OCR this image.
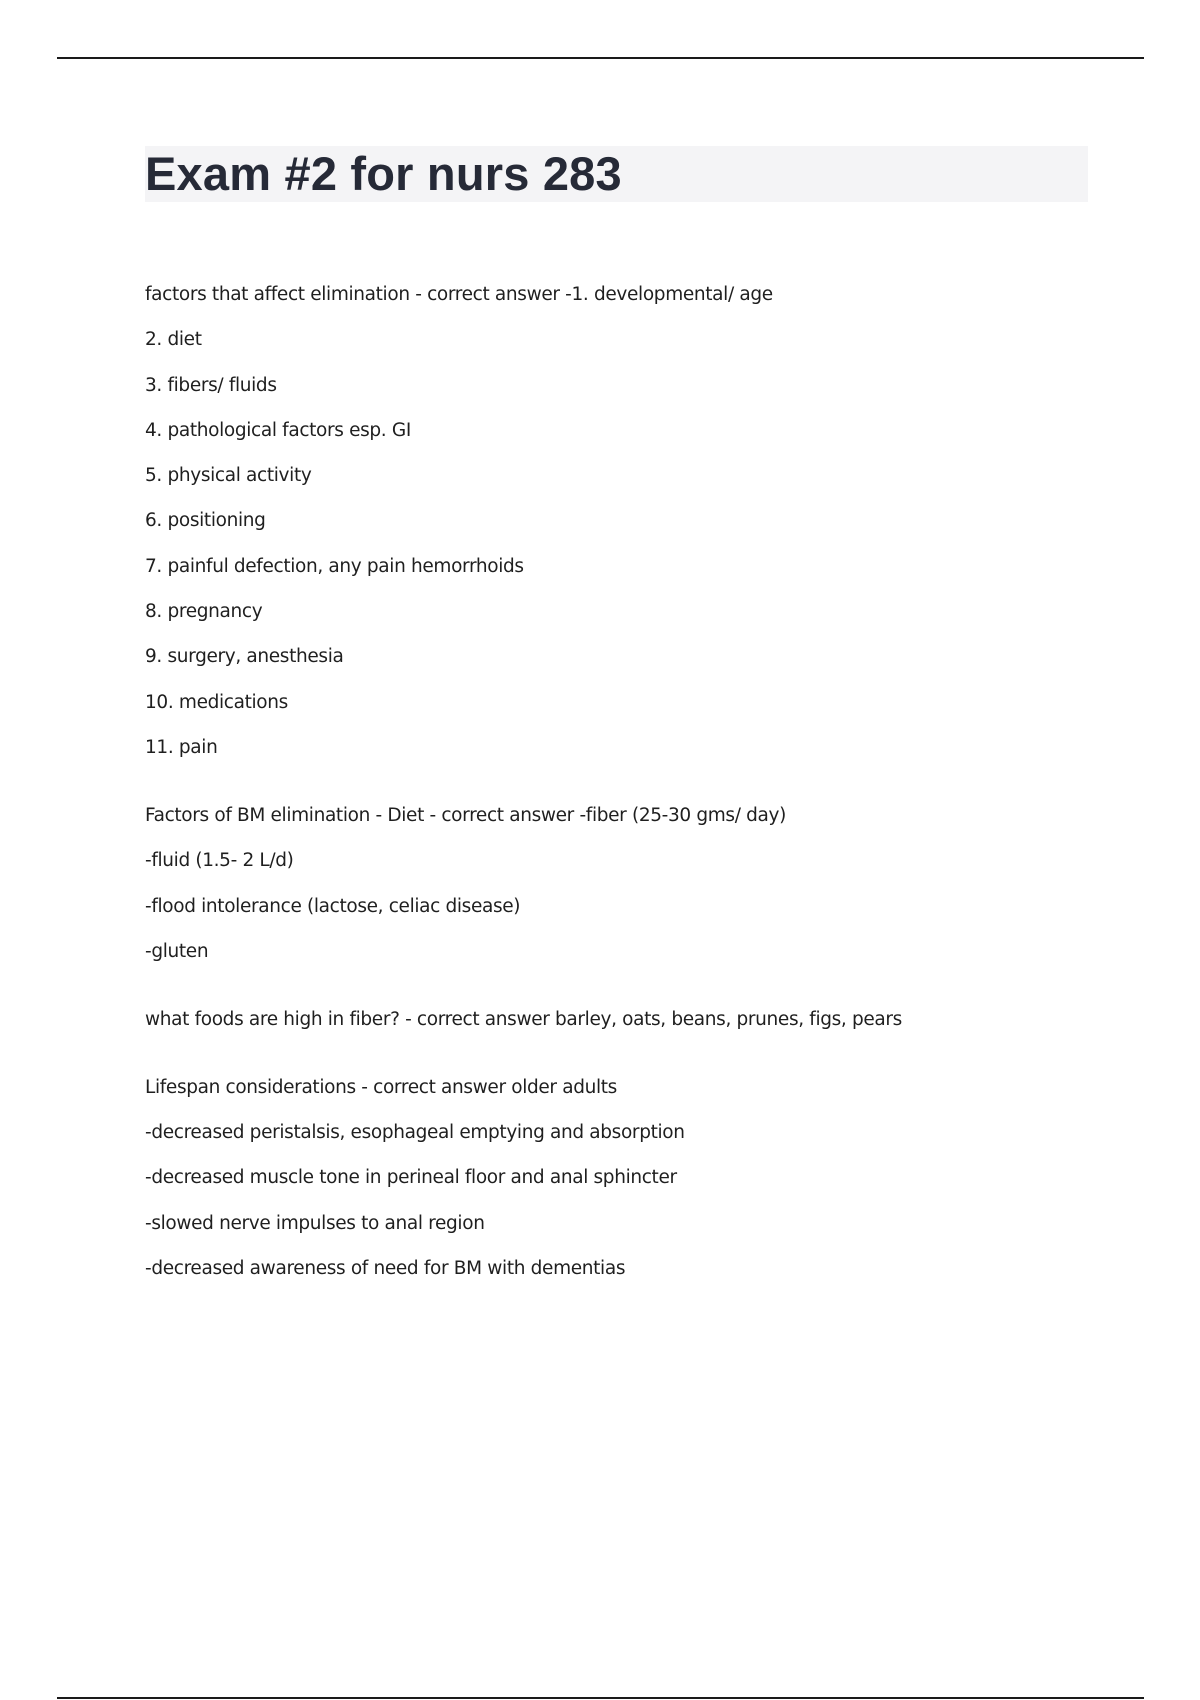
Exam #2 for nurs 283
factors that affect elimination - correct answer -1. developmental/ age
2. diet
3. fibers/ fluids
4. pathological factors esp. GI
5. physical activity
6. positioning
7. painful defection, any pain hemorrhoids
8. pregnancy
9. surgery, anesthesia
10. medications
11. pain
Factors of BM elimination - Diet - correct answer -fiber (25-30 gms/ day)
-fluid (1.5- 2 L/d)
-flood intolerance (lactose, celiac disease)
-gluten
what foods are high in fiber? - correct answer barley, oats, beans, prunes, figs, pears
Lifespan considerations - correct answer older adults
-decreased peristalsis, esophageal emptying and absorption
-decreased muscle tone in perineal floor and anal sphincter
-slowed nerve impulses to anal region
-decreased awareness of need for BM with dementias
